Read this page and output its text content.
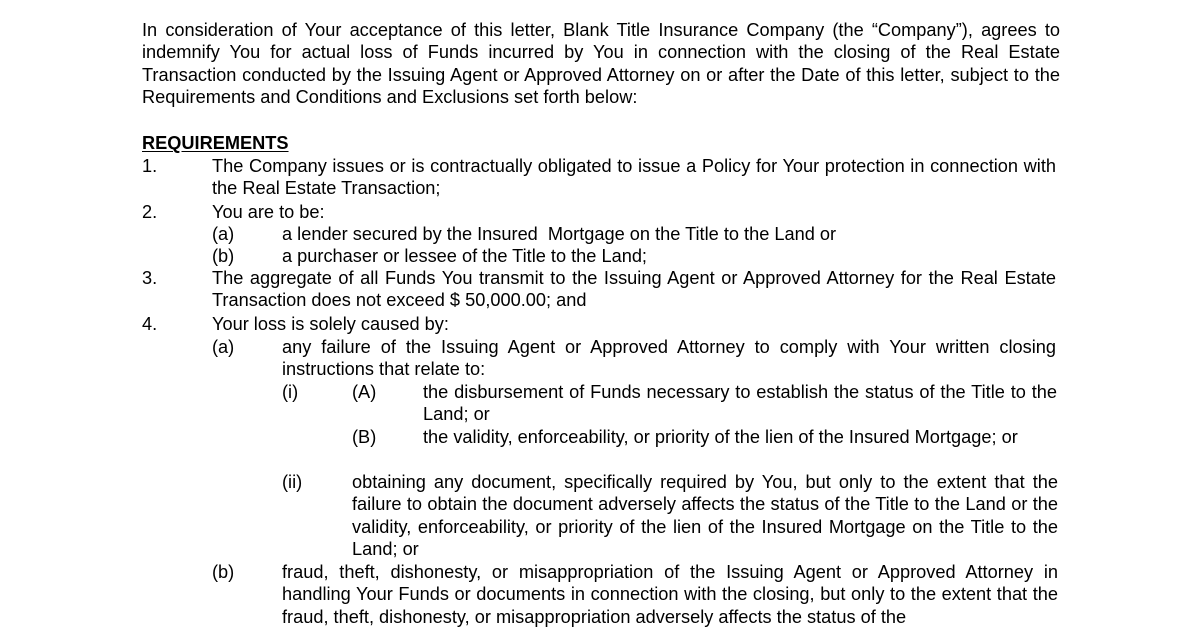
In consideration of Your acceptance of this letter, Blank Title Insurance Company (the “Company”), agrees to indemnify You for actual loss of Funds incurred by You in connection with the closing of the Real Estate Transaction conducted by the Issuing Agent or Approved Attorney on or after the Date of this letter, subject to the Requirements and Conditions and Exclusions set forth below:

REQUIREMENTS
1.	The Company issues or is contractually obligated to issue a Policy for Your protection in connection with the Real Estate Transaction;

2.	You are to be:

(a)	a lender secured by the Insured  Mortgage on the Title to the Land or

(b)	a purchaser or lessee of the Title to the Land;

3.	The aggregate of all Funds You transmit to the Issuing Agent or Approved Attorney for the Real Estate Transaction does not exceed $ 50,000.00; and

4.	Your loss is solely caused by:

(a)	any failure of the Issuing Agent or Approved Attorney to comply with Your written closing instructions that relate to:

(i)	(A)	the disbursement of Funds necessary to establish the status of the Title to the Land; or

(B)	the validity, enforceability, or priority of the lien of the Insured Mortgage; or

(ii)	obtaining any document, specifically required by You, but only to the extent that the failure to obtain the document adversely affects the status of the Title to the Land or the validity, enforceability, or priority of the lien of the Insured Mortgage on the Title to the Land; or

(b)	fraud, theft, dishonesty, or misappropriation of the Issuing Agent or Approved Attorney in handling Your Funds or documents in connection with the closing, but only to the extent that the fraud, theft, dishonesty, or misappropriation adversely affects the status of the
